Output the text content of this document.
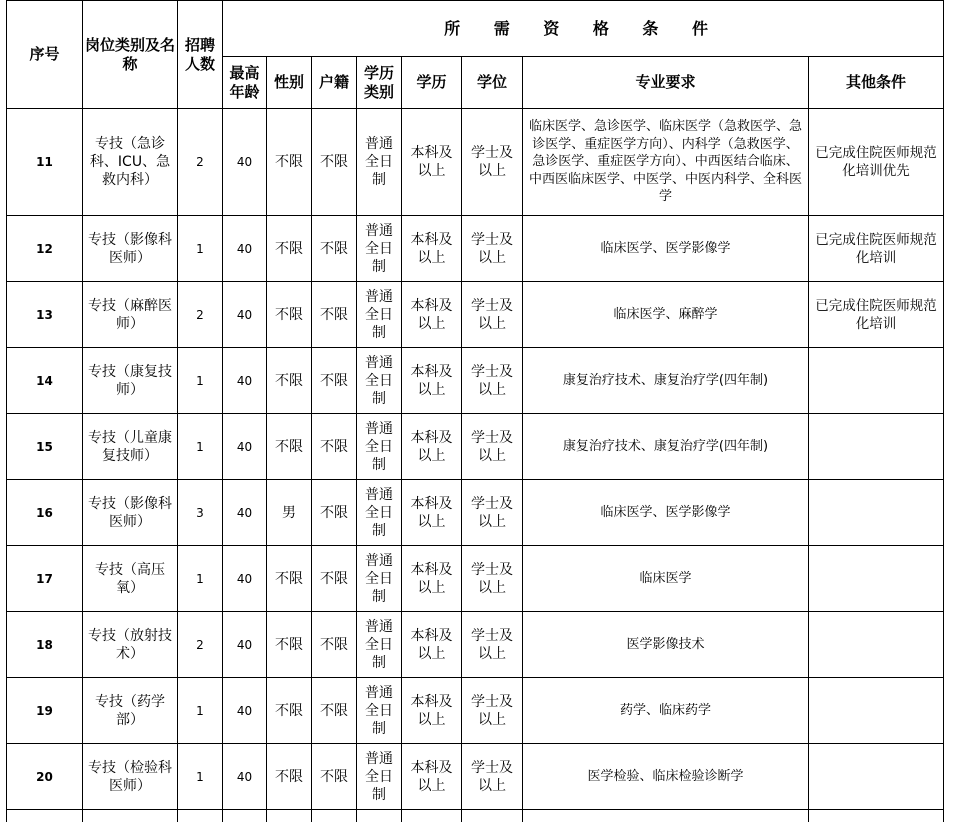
序号	岗位类别及名称	招聘人数	所 需 资 格 条 件							
			最高年龄	性别	户籍	学历类别	学历	学位	专业要求	其他条件
11	专技（急诊科、ICU、急救内科）	2	40	不限	不限	普通全日制	本科及以上	学士及以上	临床医学、急诊医学、临床医学（急救医学、急诊医学、重症医学方向）、内科学（急救医学、急诊医学、重症医学方向）、中西医结合临床、中西医临床医学、中医学、中医内科学、全科医学	已完成住院医师规范化培训优先
12	专技（影像科医师）	1	40	不限	不限	普通全日制	本科及以上	学士及以上	临床医学、医学影像学	已完成住院医师规范化培训
13	专技（麻醉医师）	2	40	不限	不限	普通全日制	本科及以上	学士及以上	临床医学、麻醉学	已完成住院医师规范化培训
14	专技（康复技师）	1	40	不限	不限	普通全日制	本科及以上	学士及以上	康复治疗技术、康复治疗学(四年制)	
15	专技（儿童康复技师）	1	40	不限	不限	普通全日制	本科及以上	学士及以上	康复治疗技术、康复治疗学(四年制)	
16	专技（影像科医师）	3	40	男	不限	普通全日制	本科及以上	学士及以上	临床医学、医学影像学	
17	专技（高压氧）	1	40	不限	不限	普通全日制	本科及以上	学士及以上	临床医学	
18	专技（放射技术）	2	40	不限	不限	普通全日制	本科及以上	学士及以上	医学影像技术	
19	专技（药学部）	1	40	不限	不限	普通全日制	本科及以上	学士及以上	药学、临床药学	
20	专技（检验科医师）	1	40	不限	不限	普通全日制	本科及以上	学士及以上	医学检验、临床检验诊断学	
